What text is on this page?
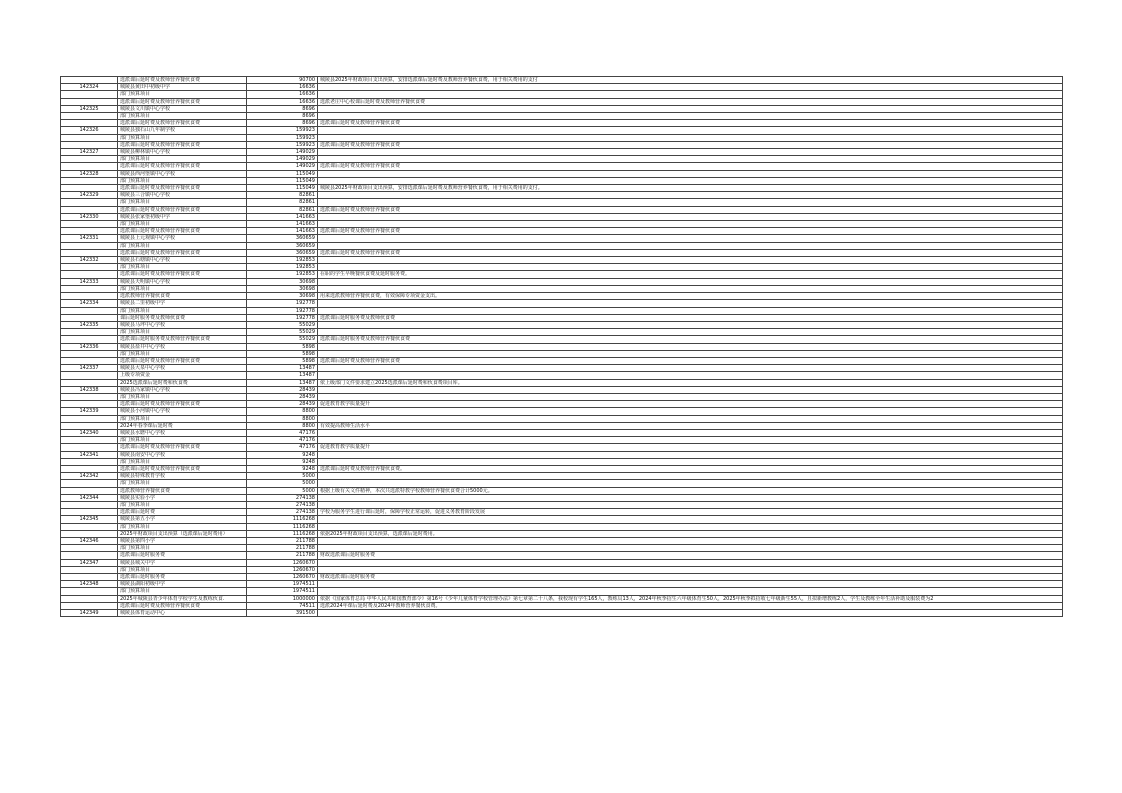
	选派课后延时费及教师营养餐伙食费	90700	城陵县2025年财政项目支出预算，安排选派课后延时费及教师营养餐伙食费，用于相关费用的支付
142324	城陵县黄田中初级中学	16636	
	部门预算项目	16636	
	选派课后延时费及教师营养餐伙食费	16636	选派老庄中心校课后延时费及教师营养餐伙食费
142325	城陵县文川镇中心学校	8696	
	部门预算项目	8696	
	选派课后延时费及教师营养餐伙食费	8696	选派课后延时费及教师营养餐伙食费
142326	城陵县独石山九年制学校	159923	
	部门预算项目	159923	
	选派课后延时费及教师营养餐伙食费	159923	选派课后延时费及教师营养餐伙食费
142327	城陵县柳林镇中心学校	149029	
	部门预算项目	149029	
	选派课后延时费及教师营养餐伙食费	149029	选派课后延时费及教师营养餐伙食费
142328	城陵县西河堡镇中心学校	115049	
	部门预算项目	115049	
	选派课后延时费及教师营养餐伙食费	115049	城陵县2025年财政项目支出预算，安排选派课后延时费及教师营养餐伙食费，用于相关费用的支付。
142329	城陵县三合镇中心学校	82861	
	部门预算项目	82861	
	选派课后延时费及教师营养餐伙食费	82861	选派课后延时费及教师营养餐伙食费
142330	城陵县张家堡初级中学	141663	
	部门预算项目	141663	
	选派课后延时费及教师营养餐伙食费	141663	选派课后延时费及教师营养餐伙食费
142331	城陵县上元观镇中心学校	360659	
	部门预算项目	360659	
	选派课后延时费及教师营养餐伙食费	360659	选派课后延时费及教师营养餐伙食费
142332	城陵县石塘镇中心学校	192853	
	部门预算项目	192853	
	选派课后延时费及教师营养餐伙食费	192853	在职的学生早晚餐伙食费及延时服务费。
142333	城陵县天明镇中心学校	30698	
	部门预算项目	30698	
	选派教师营养餐伙食费	30698	用来选派教师营养餐伙食费，有效保障专项资金支出。
142334	城陵县二里初级中学	192778	
	部门预算项目	192778	
	课后延时服务费及教师伙食费	192778	选派课后延时服务费及教师伙食费
142335	城陵县马坪中心学校	55029	
	部门预算项目	55029	
	选派课后延时服务费及教师营养餐伙食费	55029	选派课后延时服务费及教师营养餐伙食费
142336	城陵县盐井中心学校	5898	
	部门预算项目	5898	
	选派课后延时费及教师营养餐伙食费	5898	选派课后延时费及教师营养餐伙食费
142337	城陵县大泉中心学校	13487	
	上级专项资金	13487	
	2025选派课后延时费和伙食费	13487	依上级部门文件要求建立2025选派课后延时费和伙食费项目库。
142338	城陵县冯家镇中心学校	28439	
	部门预算项目	28439	
	选派课后延时费及教师营养餐伙食费	28439	促进教育教学质量提升
142339	城陵县小河镇中心学校	8800	
	部门预算项目	8800	
	2024年春季课后延时费	8800	有效提高教师生活水平
142340	城陵县水磨中心学校	47176	
	部门预算项目	47176	
	选派课后延时费及教师营养餐伙食费	47176	促进教育教学质量提升
142341	城陵县南安中心学校	9248	
	部门预算项目	9248	
	选派课后延时费及教师营养餐伙食费	9248	选派课后延时费及教师营养餐伙食费。
142342	城陵县特殊教育学校	5000	
	部门预算项目	5000	
	选派教师营养餐伙食费	5000	根据上级有关文件精神，本次共选派特教学校教师营养餐伙食费合计5000元。
142344	城陵县实验小学	274138	
	部门预算项目	274138	
	选派课后延时费	274138	学校为服务学生进行课后延时，保障学校正常运转，促进义务教育阶段发展
142345	城陵县第五小学	1116268	
	部门预算项目	1116268	
	2025年财政项目支出预算（选派课后延时费用）	1116268	依据2025年财政项目支出预算，选派课后延时费用。
142346	城陵县第四小学	211788	
	部门预算项目	211788	
	选派课后延时服务费	211788	财政选派课后延时服务费
142347	城陵县城关中学	1260670	
	部门预算项目	1260670	
	选派课后延时服务费	1260670	财政选派课后延时服务费
142348	城陵县湖阳初级中学	1974511	
	部门预算项目	1974511	
	2025年城陵县青少年体育学校学生及教练伙食.	1000000	依据《国家体育总局 中华人民共和国教育部令》第16号《少年儿童体育学校管理办法》第七章第二十八条，我校现有学生165人，教练员13人，2024年秋季招生六年级体育生50人，2025年秋季拟招收七年级新生55人，且拟新增教练2人，学生及教练全年生活补助及服装费为2
	选派课后延时费及教师营养餐伙食费	74511	选派2024年课后延时费及2024年教师营养餐伙食费。
142349	城陵县体育运动中心	391500	
